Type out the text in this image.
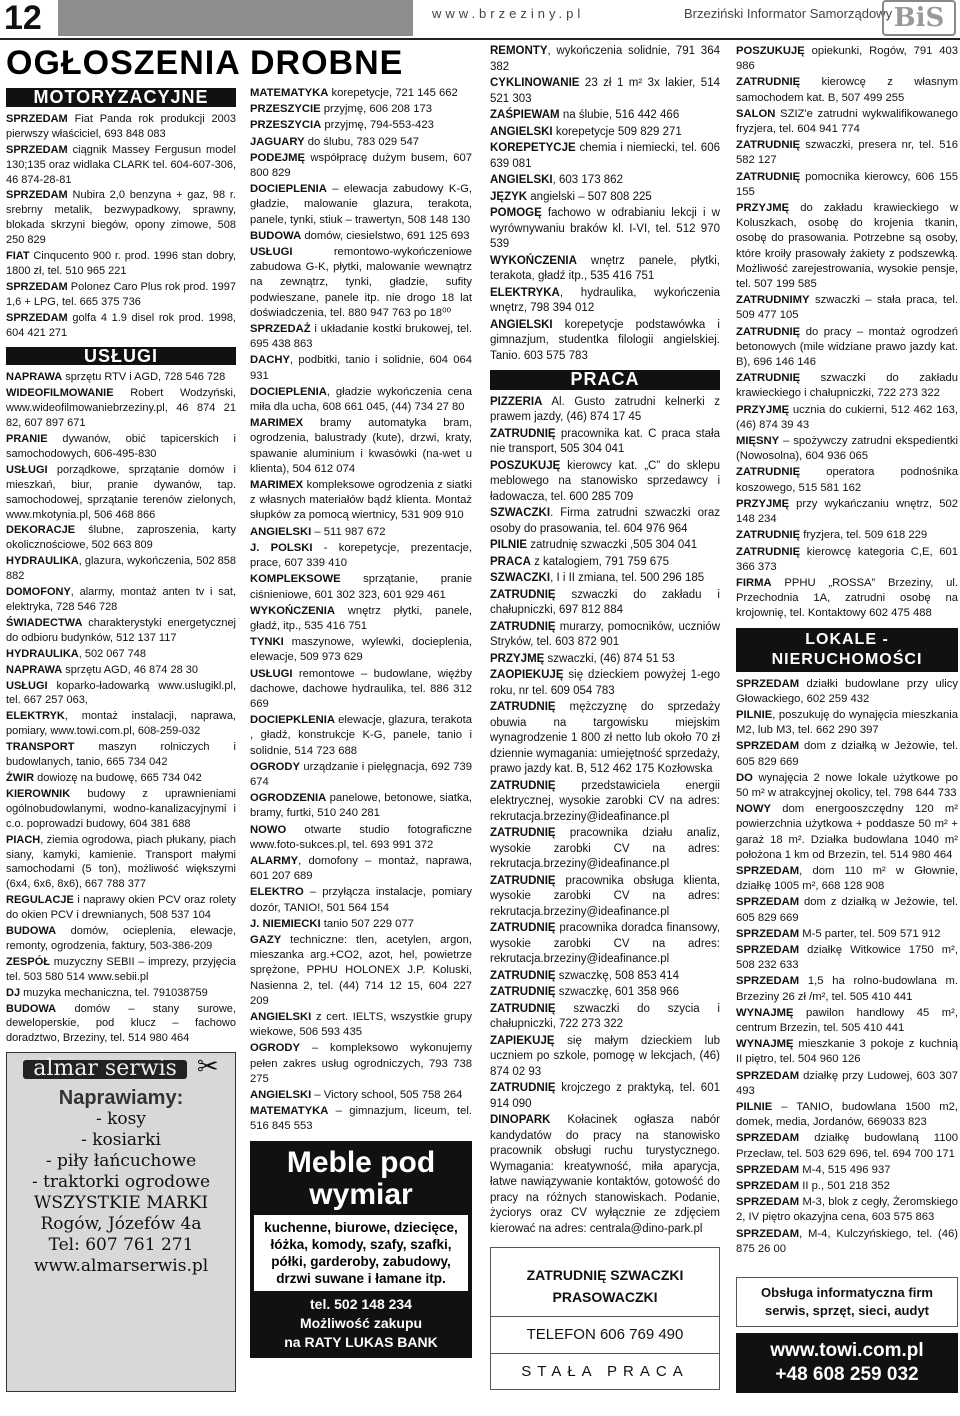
12	www.brzeziny.pl	Brzeziński Informator Samorządowy BiS
OGŁOSZENIA DROBNE
MOTORYZACYJNE
SPRZEDAM Fiat Panda rok produkcji 2003 pierwszy właściciel, 693 848 083
SPRZEDAM ciągnik Massey Fergusun model 130;135 oraz widlaka CLARK tel. 604-607-306, 46 874-28-81
SPRZEDAM Nubira 2,0 benzyna + gaz, 98 r. srebrny metalik, bezwypadkowy, sprawny, blokada skrzyni biegów, opony zimowe, 508 250 829
FIAT Cinqucento 900 r. prod. 1996 stan dobry, 1800 zł, tel. 510 965 221
SPRZEDAM Polonez Caro Plus rok prod. 1997 1,6 + LPG, tel. 665 375 736
SPRZEDAM golfa 4 1.9 disel rok prod. 1998, 604 421 271
USŁUGI
NAPRAWA sprzętu RTV i AGD, 728 546 728
WIDEOFILMOWANIE Robert Wodzyński, www.wideofilmowaniebrzeziny.pl, 46 874 21 82, 607 897 671
PRANIE dywanów, obić tapicerskich i samochodowych, 606-495-830
USŁUGI porządkowe, sprzątanie domów i mieszkań, biur, pranie dywanów, tap. samochodowej, sprzątanie terenów zielonych, www.mkotynia.pl, 506 468 866
DEKORACJE ślubne, zaproszenia, karty okolicznościowe, 502 663 809
HYDRAULIKA, glazura, wykończenia, 502 858 882
DOMOFONY, alarmy, montaż anten tv i sat, elektryka, 728 546 728
ŚWIADECTWA charakterystyki energetycznej do odbioru budynków, 512 137 117
HYDRAULIKA, 502 067 748
NAPRAWA sprzętu AGD, 46 874 28 30
USŁUGI koparko-ładowarką www.uslugikl.pl, tel. 667 257 063,
ELEKTRYK, montaż instalacji, naprawa, pomiary, www.towi.com.pl, 608-259-032
TRANSPORT maszyn rolniczych i budowlanych, tanio, 665 734 042
ŻWIR dowiozę na budowę, 665 734 042
KIEROWNIK budowy z uprawnieniami ogólnobudowlanymi, wodno-kanalizacyjnymi i c.o. poprowadzi budowy, 604 381 688
PIACH, ziemia ogrodowa, piach płukany, piach siany, kamyki, kamienie. Transport małymi samochodami (5 ton), możliwość większymi (6x4, 6x6, 8x6), 667 788 377
REGULACJE i naprawy okien PCV oraz rolety do okien PCV i drewnianych, 508 537 104
BUDOWA domów, ocieplenia, elewacje, remonty, ogrodzenia, faktury, 503-386-209
ZESPÓŁ muzyczny SEBII – imprezy, przyjęcia tel. 503 580 514 www.sebii.pl
DJ muzyka mechaniczna, tel. 791038759
BUDOWA domów – stany surowe, deweloperskie, pod klucz – fachowo doradztwo, Brzeziny, tel. 514 980 464
almar serwis ✂
Naprawiamy:
- kosy
- kosiarki
- piły łańcuchowe
- traktorki ogrodowe
WSZYSTKIE MARKI
Rogów, Józefów 4a
Tel: 607 761 271
www.almarserwis.pl
MATEMATYKA korepetycje, 721 145 662
PRZESZYCIE przyjmę, 606 208 173
PRZESZYCIA przyjmę, 794-553-423
JAGUARY do ślubu, 783 029 547
PODEJMĘ współpracę dużym busem, 607 800 829
DOCIEPLENIA – elewacja zabudowy K-G, gładzie, malowanie glazura, terakota, panele, tynki, stiuk – trawertyn, 508 148 130
BUDOWA domów, ciesielstwo, 691 125 693
USŁUGI remontowo-wykończeniowe zabudowa G-K, płytki, malowanie wewnątrz na zewnątrz, tynki, gładzie, sufity podwieszane, panele itp. nie drogo 18 lat doświadczenia, tel. 880 947 763 po 18⁰⁰
SPRZEDAŻ i układanie kostki brukowej, tel. 695 438 863
DACHY, podbitki, tanio i solidnie, 604 064 931
DOCIEPLENIA, gładzie wykończenia cena miła dla ucha, 608 661 045, (44) 734 27 80
MARIMEX bramy automatyka bram, ogrodzenia, balustrady (kute), drzwi, kraty, spawanie aluminium i kwasówki (na-wet u klienta), 504 612 074
MARIMEX kompleksowe ogrodzenia z siatki z własnych materiałów bądź klienta. Montaż słupków za pomocą wiertnicy, 531 909 910
ANGIELSKI – 511 987 672
J. POLSKI - korepetycje, prezentacje, prace, 607 339 410
KOMPLEKSOWE sprzątanie, pranie ciśnieniowe, 601 302 323, 601 929 461
WYKOŃCZENIA wnętrz płytki, panele, gładź, itp., 535 416 751
TYNKI maszynowe, wylewki, docieplenia, elewacje, 509 973 629
USŁUGI remontowe – budowlane, więźby dachowe, dachowe hydraulika, tel. 886 312 669
DOCIEPKLENIA elewacje, glazura, terakota , gładź, konstrukcje K-G, panele, tanio i solidnie, 514 723 688
OGRODY urządzanie i pielęgnacja, 692 739 674
OGRODZENIA panelowe, betonowe, siatka, bramy, furtki, 510 240 281
NOWO otwarte studio fotograficzne www.foto-sukces.pl, tel. 693 991 372
ALARMY, domofony – montaż, naprawa, 601 207 689
ELEKTRO – przyłącza instalacje, pomiary dozór, TANIO!, 501 564 154
J. NIEMIECKI tanio 507 229 077
GAZY techniczne: tlen, acetylen, argon, mieszanka arg.+CO2, azot, hel, powietrze sprężone, PPHU HOLONEX J.P. Koluski, Nasienna 2, tel. (44) 714 12 15, 604 227 209
ANGIELSKI z cert. IELTS, wszystkie grupy wiekowe, 506 593 435
OGRODY – kompleksowo wykonujemy pełen zakres usług ogrodniczych, 793 738 275
ANGIELSKI – Victory school, 505 758 264
MATEMATYKA – gimnazjum, liceum, tel. 516 845 553
Meble pod wymiar
kuchenne, biurowe, dziecięce, łóżka, komody, szafy, szafki, półki, garderoby, zabudowy, drzwi suwane i łamane itp.
tel. 502 148 234
Możliwość zakupu
na RATY LUKAS BANK
REMONTY, wykończenia solidnie, 791 364 382
CYKLINOWANIE 23 zł 1 m² 3x lakier, 514 521 303
ZAŚPIEWAM na ślubie, 516 442 466
ANGIELSKI korepetycje 509 829 271
KOREPETYCJE chemia i niemiecki, tel. 606 639 081
ANGIELSKI, 603 173 862
JĘZYK angielski – 507 808 225
POMOGĘ fachowo w odrabianiu lekcji i w wyrównywaniu braków kl. I-VI, tel. 512 970 539
WYKOŃCZENIA wnętrz panele, płytki, terakota, gładź itp., 535 416 751
ELEKTRYKA, hydraulika, wykończenia wnętrz, 798 394 012
ANGIELSKI korepetycje podstawówka i gimnazjum, studentka filologii angielskiej. Tanio. 603 575 783
PRACA
PIZZERIA Al. Gusto zatrudni kelnerki z prawem jazdy, (46) 874 17 45
ZATRUDNIĘ pracownika kat. C praca stała nie transport, 505 304 041
POSZUKUJĘ kierowcy kat. „C” do sklepu meblowego na stanowisko sprzedawcy i ładowacza, tel. 600 285 709
SZWACZKI. Firma zatrudni szwaczki oraz osoby do prasowania, tel. 604 976 964
PILNIE zatrudnię szwaczki ,505 304 041
PRACA z katalogiem, 791 759 675
SZWACZKI, I i II zmiana, tel. 500 296 185
ZATRUDNIĘ szwaczki do zakładu i chałupniczki, 697 812 884
ZATRUDNIĘ murarzy, pomocników, uczniów Stryków, tel. 603 872 901
PRZYJMĘ szwaczki, (46) 874 51 53
ZAOPIEKUJĘ się dzieckiem powyżej 1-ego roku, nr tel. 609 054 783
ZATRUDNIĘ mężczyznę do sprzedaży obuwia na targowisku miejskim wynagrodzenie 1 800 zł netto lub około 70 zł dziennie wymagania: umiejętność sprzedaży, prawo jazdy kat. B, 512 462 175 Kozłowska
ZATRUDNIĘ przedstawiciela energii elektrycznej, wysokie zarobki CV na adres: rekrutacja.brzeziny@ideafinance.pl
ZATRUDNIĘ pracownika działu analiz, wysokie zarobki CV na adres: rekrutacja.brzeziny@ideafinance.pl
ZATRUDNIĘ pracownika obsługa klienta, wysokie zarobki CV na adres: rekrutacja.brzeziny@ideafinance.pl
ZATRUDNIĘ pracownika doradca finansowy, wysokie zarobki CV na adres: rekrutacja.brzeziny@ideafinance.pl
ZATRUDNIĘ szwaczkę, 508 853 414
ZATRUDNIĘ szwaczkę, 601 358 966
ZATRUDNIĘ szwaczki do szycia i chałupniczki, 722 273 322
ZAPIEKUJĘ się małym dzieckiem lub uczniem po szkole, pomogę w lekcjach, (46) 874 02 93
ZATRUDNIĘ krojczego z praktyką, tel. 601 914 090
DINOPARK Kołacinek ogłasza nabór kandydatów do pracy na stanowisko pracownik obsługi ruchu turystycznego. Wymagania: kreatywność, miła aparycja, łatwe nawiązywanie kontaktów, gotowość do pracy na różnych stanowiskach. Podanie, życiorys oraz CV wyłącznie ze zdjęciem kierować na adres: centrala@dino-park.pl
ZATRUDNIĘ SZWACZKI
PRASOWACZKI
TELEFON 606 769 490
STAŁA PRACA
POSZUKUJĘ opiekunki, Rogów, 791 403 986
ZATRUDNIĘ kierowcę z własnym samochodem kat. B, 507 499 255
SALON SZIZ'e zatrudni wykwalifikowanego fryzjera, tel. 604 941 774
ZATRUDNIĘ szwaczki, presera nr, tel. 516 582 127
ZATRUDNIĘ pomocnika kierowcy, 606 155 155
PRZYJMĘ do zakładu krawieckiego w Koluszkach, osobę do krojenia tkanin, osobę do prasowania. Potrzebne są osoby, które kroiły prasowały żakiety z podszewką. Możliwość zarejestrowania, wysokie pensje, tel. 507 199 585
ZATRUDNIMY szwaczki – stała praca, tel. 509 477 105
ZATRUDNIĘ do pracy – montaż ogrodzeń betonowych (mile widziane prawo jazdy kat. B), 696 146 146
ZATRUDNIĘ szwaczki do zakładu krawieckiego i chałupniczki, 722 273 322
PRZYJMĘ ucznia do cukierni, 512 462 163, (46) 874 39 43
MIĘSNY – spożywczy zatrudni ekspedientki (Nowosolna), 604 936 065
ZATRUDNIĘ operatora podnośnika koszowego, 515 581 162
PRZYJMĘ przy wykańczaniu wnętrz, 502 148 234
ZATRUDNIĘ fryzjera, tel. 509 618 229
ZATRUDNIĘ kierowcę kategoria C,E, 601 366 373
FIRMA PPHU „ROSSA” Brzeziny, ul. Przechodnia 1A, zatrudni osobę na krojownię, tel. Kontaktowy 602 475 488
LOKALE - NIERUCHOMOŚCI
SPRZEDAM działki budowlane przy ulicy Głowackiego, 602 259 432
PILNIE, poszukuję do wynajęcia mieszkania M2, lub M3, tel. 662 290 397
SPRZEDAM dom z działką w Jeżowie, tel. 605 829 669
DO wynajęcia 2 nowe lokale użytkowe po 50 m² w atrakcyjnej okolicy, tel. 798 644 733
NOWY dom energooszczędny 120 m² powierzchnia użytkowa + poddasze 50 m² + garaż 18 m². Działka budowlana 1040 m² położona 1 km od Brzezin, tel. 514 980 464
SPRZEDAM, dom 110 m² w Głownie, działkę 1005 m², 668 128 908
SPRZEDAM dom z działką w Jeżowie, tel. 605 829 669
SPRZEDAM M-5 parter, tel. 509 571 912
SPRZEDAM działkę Witkowice 1750 m², 508 232 633
SPRZEDAM 1,5 ha rolno-budowlana m. Brzeziny 26 zł /m², tel. 505 410 441
WYNAJMĘ pawilon handlowy 45 m², centrum Brzezin, tel. 505 410 441
WYNAJMĘ mieszkanie 3 pokoje z kuchnią II piętro, tel. 504 960 126
SPRZEDAM działkę przy Ludowej, 603 307 493
PILNIE – TANIO, budowlana 1500 m2, domek, media, Jordanów, 669033 823
SPRZEDAM działkę budowlaną 1100 Przecław, tel. 503 629 696, tel. 694 700 171
SPRZEDAM M-4, 515 496 937
SPRZEDAM II p., 501 218 352
SPRZEDAM M-3, blok z cegły, Żeromskiego 2, IV piętro okazyjna cena, 603 575 863
SPRZEDAM, M-4, Kulczyńskiego, tel. (46) 875 26 00
Obsługa informatyczna firm serwis, sprzęt, sieci, audyt
www.towi.com.pl
+48 608 259 032
